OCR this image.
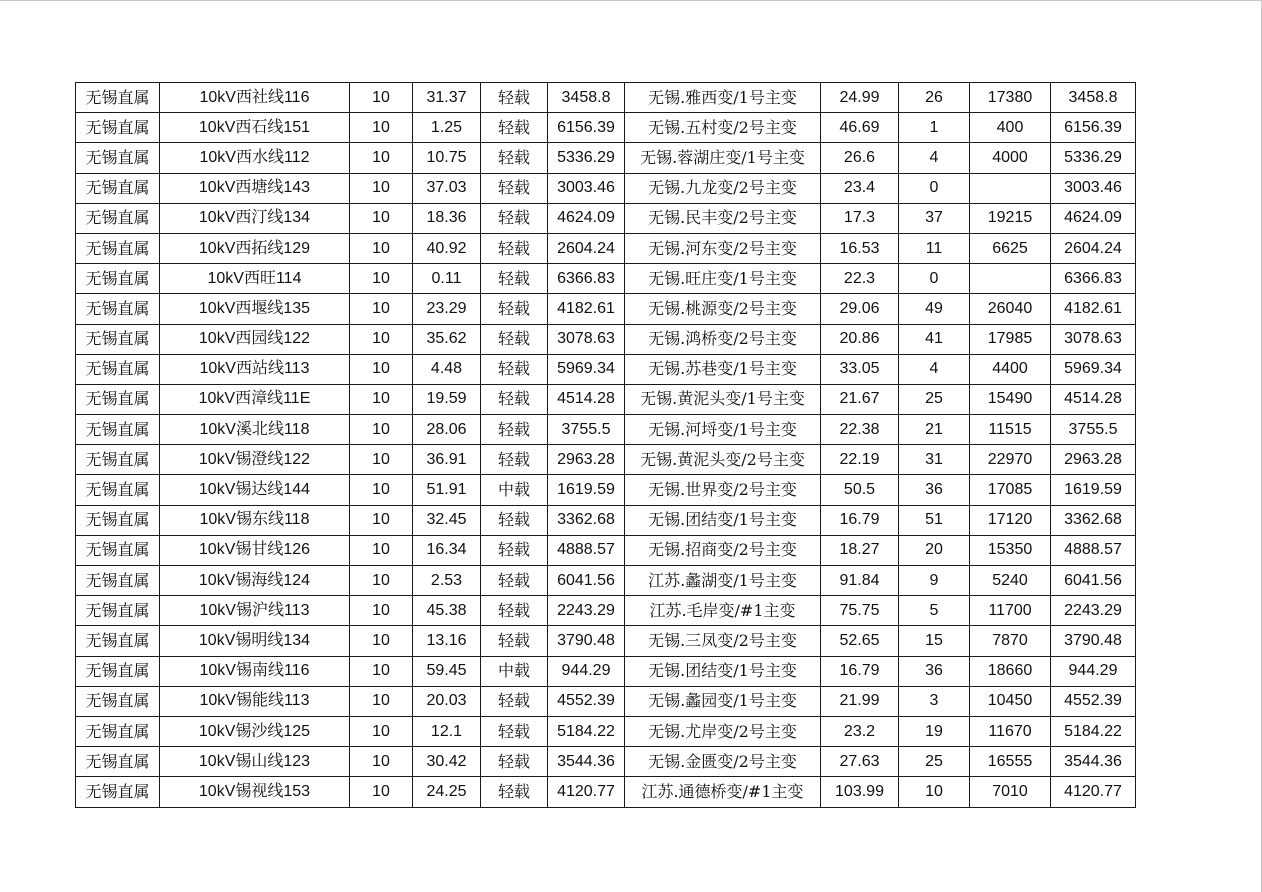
无锡直属	10kV西社线116	10	31.37	轻载	3458.8	无锡.雅西变/1号主变	24.99	26	17380	3458.8
无锡直属	10kV西石线151	10	1.25	轻载	6156.39	无锡.五村变/2号主变	46.69	1	400	6156.39
无锡直属	10kV西水线112	10	10.75	轻载	5336.29	无锡.蓉湖庄变/1号主变	26.6	4	4000	5336.29
无锡直属	10kV西塘线143	10	37.03	轻载	3003.46	无锡.九龙变/2号主变	23.4	0		3003.46
无锡直属	10kV西汀线134	10	18.36	轻载	4624.09	无锡.民丰变/2号主变	17.3	37	19215	4624.09
无锡直属	10kV西拓线129	10	40.92	轻载	2604.24	无锡.河东变/2号主变	16.53	11	6625	2604.24
无锡直属	10kV西旺114	10	0.11	轻载	6366.83	无锡.旺庄变/1号主变	22.3	0		6366.83
无锡直属	10kV西堰线135	10	23.29	轻载	4182.61	无锡.桃源变/2号主变	29.06	49	26040	4182.61
无锡直属	10kV西园线122	10	35.62	轻载	3078.63	无锡.鸿桥变/2号主变	20.86	41	17985	3078.63
无锡直属	10kV西站线113	10	4.48	轻载	5969.34	无锡.苏巷变/1号主变	33.05	4	4400	5969.34
无锡直属	10kV西漳线11E	10	19.59	轻载	4514.28	无锡.黄泥头变/1号主变	21.67	25	15490	4514.28
无锡直属	10kV溪北线118	10	28.06	轻载	3755.5	无锡.河埒变/1号主变	22.38	21	11515	3755.5
无锡直属	10kV锡澄线122	10	36.91	轻载	2963.28	无锡.黄泥头变/2号主变	22.19	31	22970	2963.28
无锡直属	10kV锡达线144	10	51.91	中载	1619.59	无锡.世界变/2号主变	50.5	36	17085	1619.59
无锡直属	10kV锡东线118	10	32.45	轻载	3362.68	无锡.团结变/1号主变	16.79	51	17120	3362.68
无锡直属	10kV锡甘线126	10	16.34	轻载	4888.57	无锡.招商变/2号主变	18.27	20	15350	4888.57
无锡直属	10kV锡海线124	10	2.53	轻载	6041.56	江苏.蠡湖变/1号主变	91.84	9	5240	6041.56
无锡直属	10kV锡沪线113	10	45.38	轻载	2243.29	江苏.毛岸变/#1主变	75.75	5	11700	2243.29
无锡直属	10kV锡明线134	10	13.16	轻载	3790.48	无锡.三凤变/2号主变	52.65	15	7870	3790.48
无锡直属	10kV锡南线116	10	59.45	中载	944.29	无锡.团结变/1号主变	16.79	36	18660	944.29
无锡直属	10kV锡能线113	10	20.03	轻载	4552.39	无锡.蠡园变/1号主变	21.99	3	10450	4552.39
无锡直属	10kV锡沙线125	10	12.1	轻载	5184.22	无锡.尤岸变/2号主变	23.2	19	11670	5184.22
无锡直属	10kV锡山线123	10	30.42	轻载	3544.36	无锡.金匮变/2号主变	27.63	25	16555	3544.36
无锡直属	10kV锡视线153	10	24.25	轻载	4120.77	江苏.通德桥变/#1主变	103.99	10	7010	4120.77
